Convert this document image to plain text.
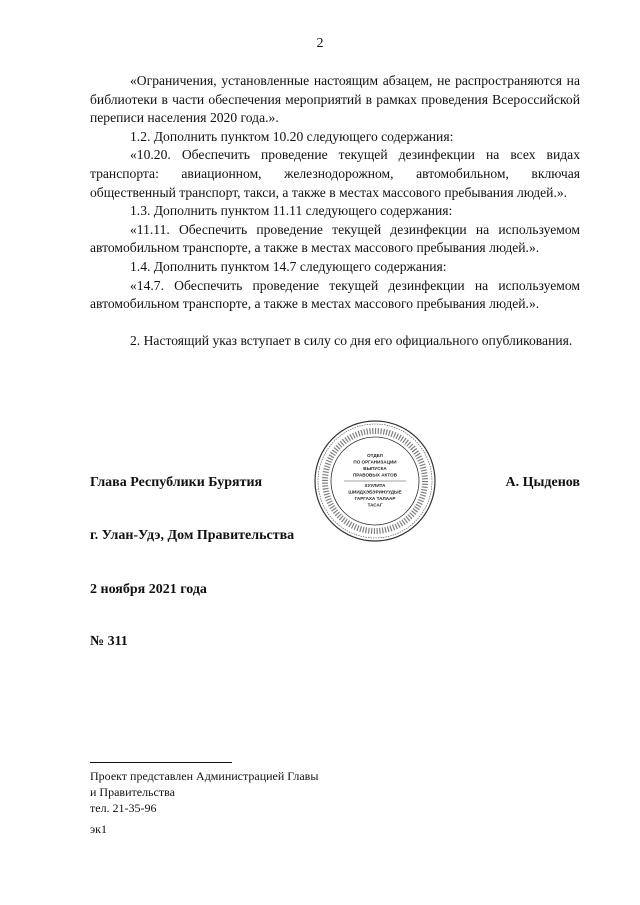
2

«Ограничения, установленные настоящим абзацем, не распространяются на библиотеки в части обеспечения мероприятий в рамках проведения Всероссийской переписи населения 2020 года.».

1.2. Дополнить пунктом 10.20 следующего содержания:

«10.20. Обеспечить проведение текущей дезинфекции на всех видах транспорта: авиационном, железнодорожном, автомобильном, включая общественный транспорт, такси, а также в местах массового пребывания людей.».

1.3. Дополнить пунктом 11.11 следующего содержания:

«11.11. Обеспечить проведение текущей дезинфекции на используемом автомобильном транспорте, а также в местах массового пребывания людей.».

1.4. Дополнить пунктом 14.7 следующего содержания:

«14.7. Обеспечить проведение текущей дезинфекции на используемом автомобильном транспорте, а также в местах массового пребывания людей.».

2. Настоящий указ вступает в силу со дня его официального опубликования.

ОТДЕЛ
ПО ОРГАНИЗАЦИИ
ВЫПУСКА
ПРАВОВЫХ АКТОВ
ХУУЛИТА
ШИИДХЭБЭРИНУУДЫЕ
ГАРГАХА ТАЛААР
ТАСАГ
Глава Республики Бурятия	А. Цыденов
г. Улан-Удэ, Дом Правительства
2 ноября 2021 года
№ 311
Проект представлен Администрацией Главы
и Правительства
тел. 21-35-96
эк1
